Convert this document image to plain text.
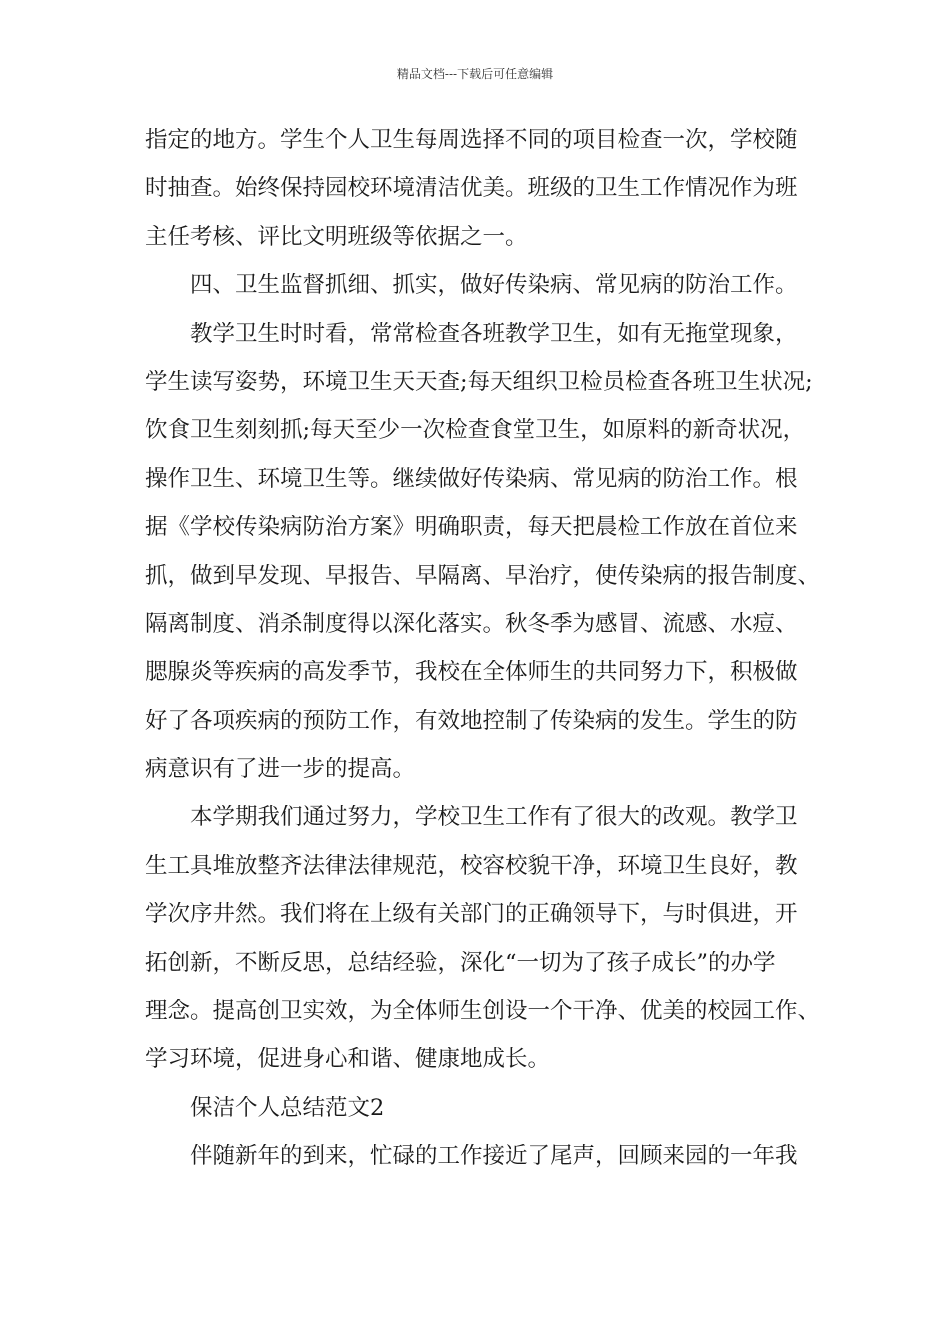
精品文档---下载后可任意编辑
指定的地方。学生个人卫生每周选择不同的项目检查一次，学校随
时抽查。始终保持园校环境清洁优美。班级的卫生工作情况作为班
主任考核、评比文明班级等依据之一。
四、卫生监督抓细、抓实，做好传染病、常见病的防治工作。
教学卫生时时看，常常检查各班教学卫生，如有无拖堂现象，
学生读写姿势，环境卫生天天查;每天组织卫检员检查各班卫生状况;
饮食卫生刻刻抓;每天至少一次检查食堂卫生，如原料的新奇状况，
操作卫生、环境卫生等。继续做好传染病、常见病的防治工作。根
据《学校传染病防治方案》明确职责，每天把晨检工作放在首位来
抓，做到早发现、早报告、早隔离、早治疗，使传染病的报告制度、
隔离制度、消杀制度得以深化落实。秋冬季为感冒、流感、水痘、
腮腺炎等疾病的高发季节，我校在全体师生的共同努力下，积极做
好了各项疾病的预防工作，有效地控制了传染病的发生。学生的防
病意识有了进一步的提高。
本学期我们通过努力，学校卫生工作有了很大的改观。教学卫
生工具堆放整齐法律法律规范，校容校貌干净，环境卫生良好，教
学次序井然。我们将在上级有关部门的正确领导下，与时俱进，开
拓创新，不断反思，总结经验，深化“一切为了孩子成长”的办学
理念。提高创卫实效，为全体师生创设一个干净、优美的校园工作、
学习环境，促进身心和谐、健康地成长。
保洁个人总结范文2
伴随新年的到来，忙碌的工作接近了尾声，回顾来园的一年我
